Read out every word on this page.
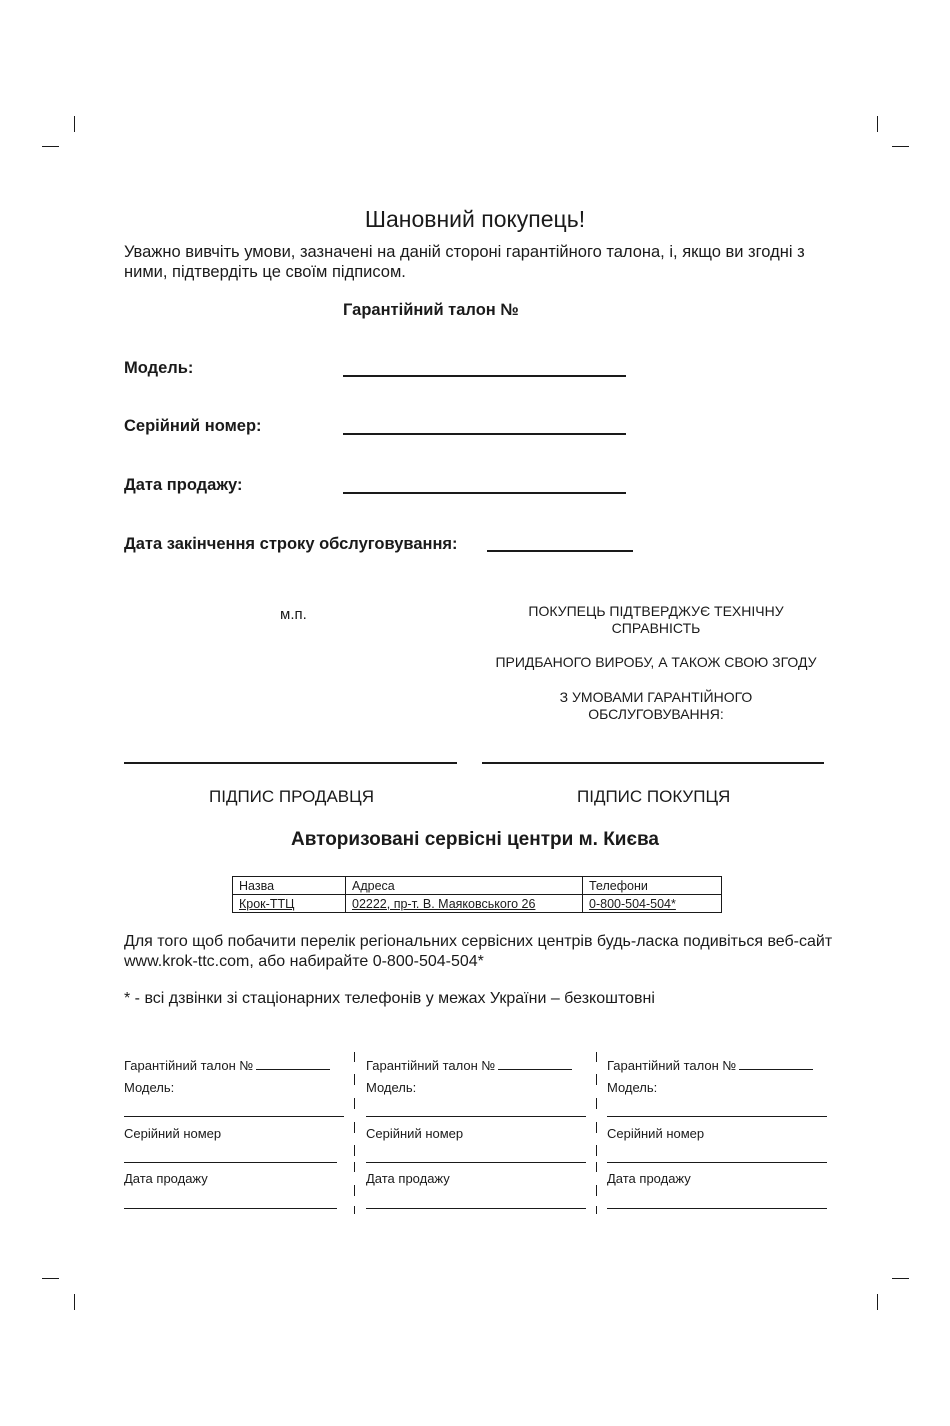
Шановний покупець!
Уважно вивчіть умови, зазначені на даній стороні гарантійного талона, і, якщо ви згодні з ними, підтвердіть це своїм підписом.
Гарантійний талон №
Модель:
Серійний номер:
Дата продажу:
Дата закінчення строку обслуговування:
м.п.	ПОКУПЕЦЬ ПІДТВЕРДЖУЄ ТЕХНІЧНУ СПРАВНІСТЬ
ПРИДБАНОГО ВИРОБУ, А ТАКОЖ СВОЮ ЗГОДУ
З УМОВАМИ ГАРАНТІЙНОГО ОБСЛУГОВУВАННЯ:
ПІДПИС ПРОДАВЦЯ	ПІДПИС ПОКУПЦЯ
Авторизовані сервісні центри м. Києва
Назва	Адреса	Телефони
Крок-ТТЦ	02222, пр-т. В. Маяковського 26	0-800-504-504*
Для того щоб побачити перелік регіональних сервісних центрів будь-ласка подивіться веб-сайт www.krok-ttc.com, або набирайте 0-800-504-504*
* - всі дзвінки зі стаціонарних телефонів у межах України – безкоштовні
Гарантійний талон №
Модель:
Серійний номер
Дата продажу
Гарантійний талон №
Модель:
Серійний номер
Дата продажу
Гарантійний талон №
Модель:
Серійний номер
Дата продажу
